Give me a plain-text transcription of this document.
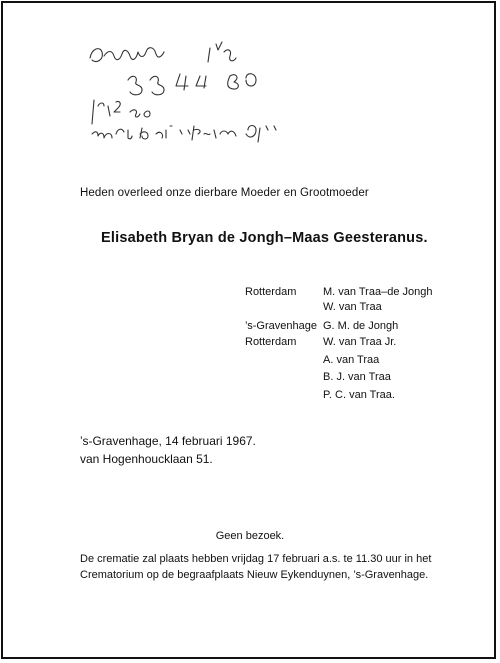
Heden overleed onze dierbare Moeder en Grootmoeder
Elisabeth Bryan de Jongh–Maas Geesteranus.
Rotterdam M. van Traa–de Jongh
W. van Traa
’s-Gravenhage G. M. de Jongh
Rotterdam W. van Traa Jr.
A. van Traa
B. J. van Traa
P. C. van Traa.
’s-Gravenhage, 14 februari 1967.
van Hogenhoucklaan 51.
Geen bezoek.
De crematie zal plaats hebben vrijdag 17 februari a.s. te 11.30 uur in het
Crematorium op de begraafplaats Nieuw Eykenduynen, ’s-Gravenhage.
